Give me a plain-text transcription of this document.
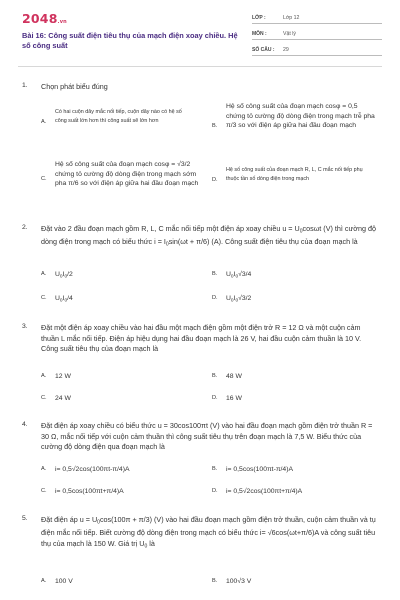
2048.vn
Bài 16: Công suất điện tiêu thụ của mạch điện xoay chiều. Hệ số công suất
LỚP :	Lớp 12
MÔN :	Vật lý
SỐ CÂU :	29
1. Chọn phát biểu đúng
A.
Có hai cuộn dây mắc nối tiếp, cuộn dây nào có hệ số công suất lớn hơn thì công suất sẽ lớn hơn
B.
Hệ số công suất của đoạn mạch cosφ = 0,5 chứng tỏ cường độ dòng điện trong mạch trễ pha π/3 so với điện áp giữa hai đầu đoạn mạch
C.
Hệ số công suất của đoạn mạch cosφ = √3/2 chứng tỏ cường độ dòng điện trong mạch sớm pha π/6 so với điện áp giữa hai đầu đoạn mạch
D.
Hệ số công suất của đoạn mạch R, L, C mắc nối tiếp phụ thuộc tần số dòng điện trong mạch
2. Đặt vào 2 đầu đoạn mạch gồm R, L, C mắc nối tiếp một điện áp xoay chiều $u = U_0\cos\omega t$ (V) thì cường độ dòng điện trong mạch có biểu thức $i = I_0\sin(\omega t + \pi/6)$ (A). Công suất điện tiêu thụ của đoạn mạch là
A. $U_0I_0/2$	B. $U_0I_0√3/4$
C. $U_0I_0/4$	D. $U_0I_0√3/2$
3. Đặt một điện áp xoay chiều vào hai đầu một mạch điện gồm một điện trở R = 12 Ω và một cuộn cảm thuần L mắc nối tiếp. Điện áp hiệu dụng hai đầu đoạn mạch là 26 V, hai đầu cuộn cảm thuần là 10 V. Công suất tiêu thụ của đoạn mạch là
A. 12 W	B. 48 W
C. 24 W	D. 16 W
4. Đặt điện áp xoay chiều có biểu thức u = 30cos100πt (V) vào hai đầu đoạn mạch gồm điện trở thuần R = 30 Ω, mắc nối tiếp với cuộn cảm thuần thì công suất tiêu thụ trên đoạn mạch là 7,5 W. Biểu thức của cường độ dòng điện qua đoạn mạch là
A. i= 0,5√2cos(100πt-π/4)A	B. i= 0,5cos(100πt-π/4)A
C. i= 0,5cos(100πt+π/4)A	D. i= 0,5√2cos(100πt+π/4)A
5. Đặt điện áp $u = U_0\cos(100\pi + \pi/3)$ (V) vào hai đầu đoạn mạch gồm điện trở thuần, cuộn cảm thuần và tụ điện mắc nối tiếp. Biết cường độ dòng điện trong mạch có biểu thức i= √6cos(ωt+π/6)A và công suất tiêu thụ của mạch là 150 W. Giá trị $U_0$ là
A. 100 V	B. 100√3 V
